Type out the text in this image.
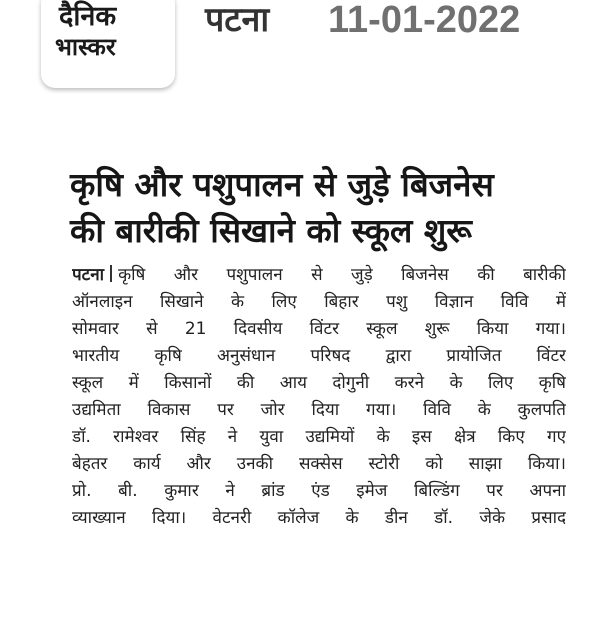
दैनिक
भास्कर
पटना 11-01-2022
कृषि और पशुपालन से जुड़े बिजनेस
की बारीकी सिखाने को स्कूल शुरू
पटना कृषि और पशुपालन से जुड़े बिजनेस की बारीकी
ऑनलाइन सिखाने के लिए बिहार पशु विज्ञान विवि में
सोमवार से 21 दिवसीय विंटर स्कूल शुरू किया गया।
भारतीय कृषि अनुसंधान परिषद द्वारा प्रायोजित विंटर
स्कूल में किसानों की आय दोगुनी करने के लिए कृषि
उद्यमिता विकास पर जोर दिया गया। विवि के कुलपति
डॉ. रामेश्वर सिंह ने युवा उद्यमियों के इस क्षेत्र किए गए
बेहतर कार्य और उनकी सक्सेस स्टोरी को साझा किया।
प्रो. बी. कुमार ने ब्रांड एंड इमेज बिल्डिंग पर अपना
व्याख्यान दिया। वेटनरी कॉलेज के डीन डॉ. जेके प्रसाद
